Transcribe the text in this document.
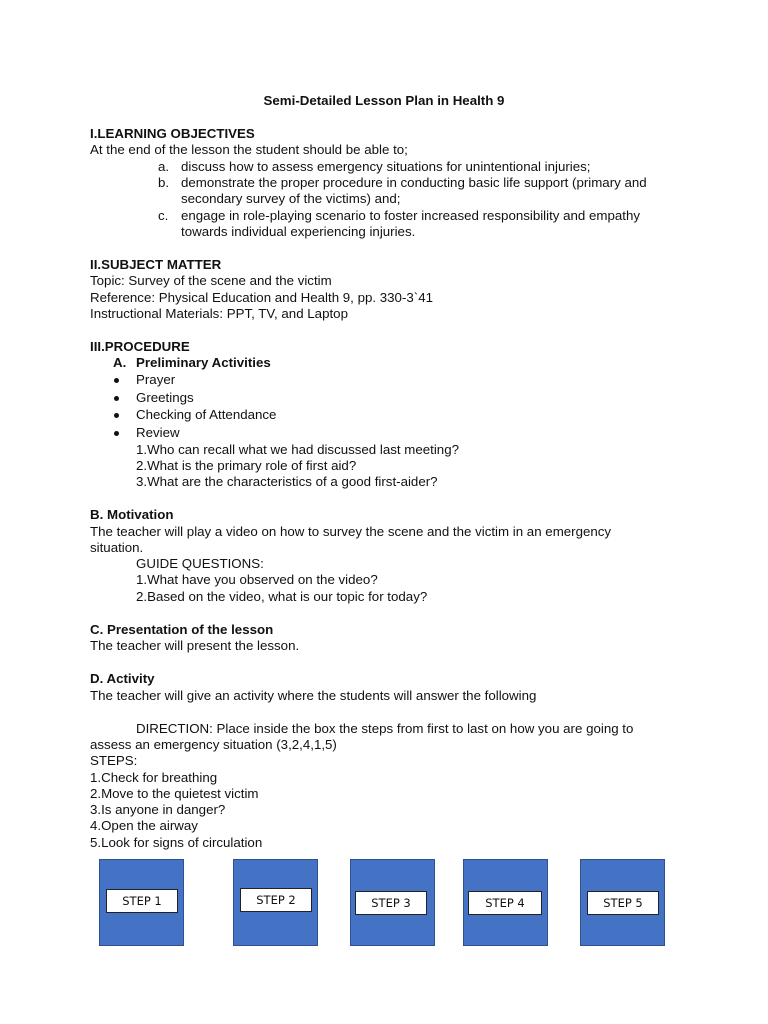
Semi-Detailed Lesson Plan in Health 9
I.LEARNING OBJECTIVES
At the end of the lesson the student should be able to;
a. discuss how to assess emergency situations for unintentional injuries;
b. demonstrate the proper procedure in conducting basic life support (primary and
secondary survey of the victims) and;
c. engage in role-playing scenario to foster increased responsibility and empathy
towards individual experiencing injuries.
II.SUBJECT MATTER
Topic: Survey of the scene and the victim
Reference: Physical Education and Health 9, pp. 330-3`41
Instructional Materials: PPT, TV, and Laptop
III.PROCEDURE
A. Preliminary Activities
Prayer
Greetings
Checking of Attendance
Review
1.Who can recall what we had discussed last meeting?
2.What is the primary role of first aid?
3.What are the characteristics of a good first-aider?
B. Motivation
The teacher will play a video on how to survey the scene and the victim in an emergency
situation.
GUIDE QUESTIONS:
1.What have you observed on the video?
2.Based on the video, what is our topic for today?
C. Presentation of the lesson
The teacher will present the lesson.
D. Activity
The teacher will give an activity where the students will answer the following
DIRECTION: Place inside the box the steps from first to last on how you are going to
assess an emergency situation (3,2,4,1,5)
STEPS:
1.Check for breathing
2.Move to the quietest victim
3.Is anyone in danger?
4.Open the airway
5.Look for signs of circulation
STEP 1	STEP 2	STEP 3	STEP 4	STEP 5
